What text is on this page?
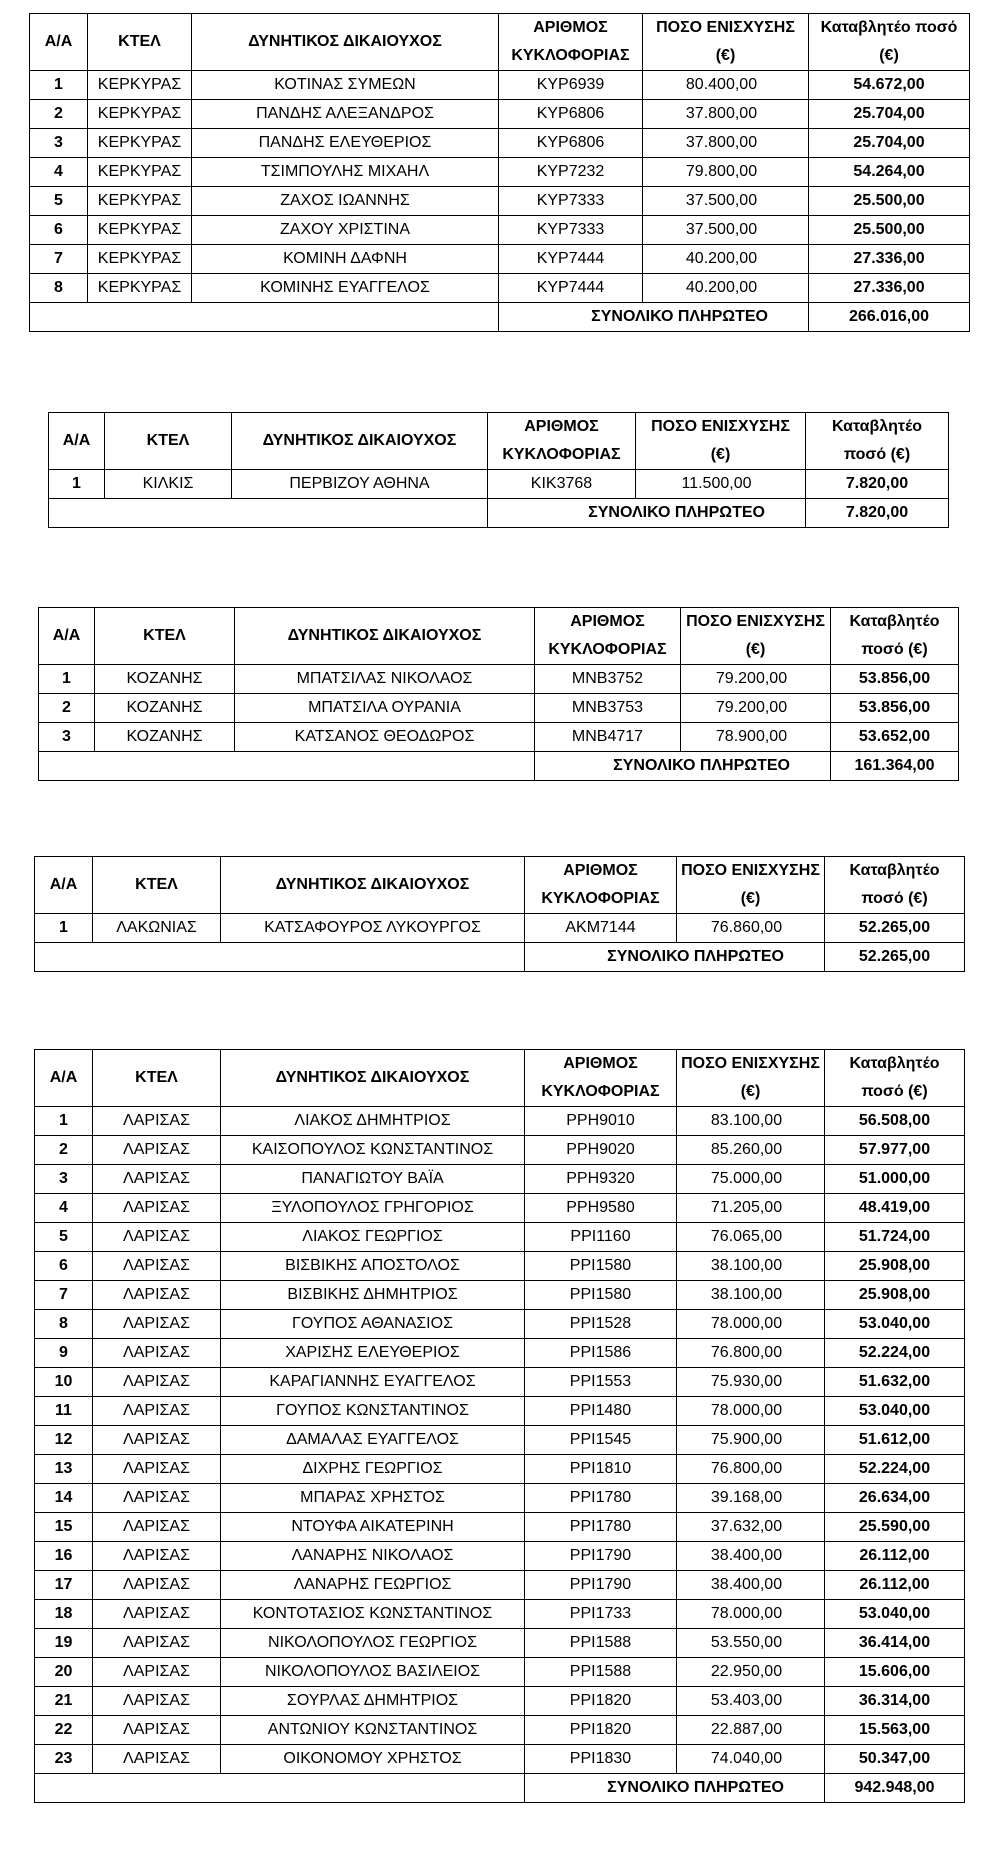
Α/Α	ΚΤΕΛ	ΔΥΝΗΤΙΚΟΣ ΔΙΚΑΙΟΥΧΟΣ	ΑΡΙΘΜΟΣ ΚΥΚΛΟΦΟΡΙΑΣ	ΠΟΣΟ ΕΝΙΣΧΥΣΗΣ (€)	Καταβλητέο ποσό (€)
1	ΚΕΡΚΥΡΑΣ	ΚΟΤΙΝΑΣ ΣΥΜΕΩΝ	ΚΥΡ6939	80.400,00	54.672,00
2	ΚΕΡΚΥΡΑΣ	ΠΑΝΔΗΣ ΑΛΕΞΑΝΔΡΟΣ	ΚΥΡ6806	37.800,00	25.704,00
3	ΚΕΡΚΥΡΑΣ	ΠΑΝΔΗΣ ΕΛΕΥΘΕΡΙΟΣ	ΚΥΡ6806	37.800,00	25.704,00
4	ΚΕΡΚΥΡΑΣ	ΤΣΙΜΠΟΥΛΗΣ ΜΙΧΑΗΛ	ΚΥΡ7232	79.800,00	54.264,00
5	ΚΕΡΚΥΡΑΣ	ΖΑΧΟΣ ΙΩΑΝΝΗΣ	ΚΥΡ7333	37.500,00	25.500,00
6	ΚΕΡΚΥΡΑΣ	ΖΑΧΟΥ ΧΡΙΣΤΙΝΑ	ΚΥΡ7333	37.500,00	25.500,00
7	ΚΕΡΚΥΡΑΣ	ΚΟΜΙΝΗ ΔΑΦΝΗ	ΚΥΡ7444	40.200,00	27.336,00
8	ΚΕΡΚΥΡΑΣ	ΚΟΜΙΝΗΣ ΕΥΑΓΓΕΛΟΣ	ΚΥΡ7444	40.200,00	27.336,00
			ΣΥΝΟΛΙΚΟ ΠΛΗΡΩΤΕΟ		266.016,00
Α/Α	ΚΤΕΛ	ΔΥΝΗΤΙΚΟΣ ΔΙΚΑΙΟΥΧΟΣ	ΑΡΙΘΜΟΣ ΚΥΚΛΟΦΟΡΙΑΣ	ΠΟΣΟ ΕΝΙΣΧΥΣΗΣ (€)	Καταβλητέο ποσό (€)
1	ΚΙΛΚΙΣ	ΠΕΡΒΙΖΟΥ ΑΘΗΝΑ	ΚΙΚ3768	11.500,00	7.820,00
			ΣΥΝΟΛΙΚΟ ΠΛΗΡΩΤΕΟ		7.820,00
Α/Α	ΚΤΕΛ	ΔΥΝΗΤΙΚΟΣ ΔΙΚΑΙΟΥΧΟΣ	ΑΡΙΘΜΟΣ ΚΥΚΛΟΦΟΡΙΑΣ	ΠΟΣΟ ΕΝΙΣΧΥΣΗΣ (€)	Καταβλητέο ποσό (€)
1	ΚΟΖΑΝΗΣ	ΜΠΑΤΣΙΛΑΣ ΝΙΚΟΛΑΟΣ	ΜΝΒ3752	79.200,00	53.856,00
2	ΚΟΖΑΝΗΣ	ΜΠΑΤΣΙΛΑ ΟΥΡΑΝΙΑ	ΜΝΒ3753	79.200,00	53.856,00
3	ΚΟΖΑΝΗΣ	ΚΑΤΣΑΝΟΣ ΘΕΟΔΩΡΟΣ	ΜΝΒ4717	78.900,00	53.652,00
			ΣΥΝΟΛΙΚΟ ΠΛΗΡΩΤΕΟ		161.364,00
Α/Α	ΚΤΕΛ	ΔΥΝΗΤΙΚΟΣ ΔΙΚΑΙΟΥΧΟΣ	ΑΡΙΘΜΟΣ ΚΥΚΛΟΦΟΡΙΑΣ	ΠΟΣΟ ΕΝΙΣΧΥΣΗΣ (€)	Καταβλητέο ποσό (€)
1	ΛΑΚΩΝΙΑΣ	ΚΑΤΣΑΦΟΥΡΟΣ ΛΥΚΟΥΡΓΟΣ	ΑΚΜ7144	76.860,00	52.265,00
			ΣΥΝΟΛΙΚΟ ΠΛΗΡΩΤΕΟ		52.265,00
Α/Α	ΚΤΕΛ	ΔΥΝΗΤΙΚΟΣ ΔΙΚΑΙΟΥΧΟΣ	ΑΡΙΘΜΟΣ ΚΥΚΛΟΦΟΡΙΑΣ	ΠΟΣΟ ΕΝΙΣΧΥΣΗΣ (€)	Καταβλητέο ποσό (€)
1	ΛΑΡΙΣΑΣ	ΛΙΑΚΟΣ ΔΗΜΗΤΡΙΟΣ	ΡΡΗ9010	83.100,00	56.508,00
2	ΛΑΡΙΣΑΣ	ΚΑΙΣΟΠΟΥΛΟΣ ΚΩΝΣΤΑΝΤΙΝΟΣ	ΡΡΗ9020	85.260,00	57.977,00
3	ΛΑΡΙΣΑΣ	ΠΑΝΑΓΙΩΤΟΥ ΒΑΪΑ	ΡΡΗ9320	75.000,00	51.000,00
4	ΛΑΡΙΣΑΣ	ΞΥΛΟΠΟΥΛΟΣ ΓΡΗΓΟΡΙΟΣ	ΡΡΗ9580	71.205,00	48.419,00
5	ΛΑΡΙΣΑΣ	ΛΙΑΚΟΣ ΓΕΩΡΓΙΟΣ	ΡΡΙ1160	76.065,00	51.724,00
6	ΛΑΡΙΣΑΣ	ΒΙΣΒΙΚΗΣ ΑΠΟΣΤΟΛΟΣ	ΡΡΙ1580	38.100,00	25.908,00
7	ΛΑΡΙΣΑΣ	ΒΙΣΒΙΚΗΣ ΔΗΜΗΤΡΙΟΣ	ΡΡΙ1580	38.100,00	25.908,00
8	ΛΑΡΙΣΑΣ	ΓΟΥΠΟΣ ΑΘΑΝΑΣΙΟΣ	ΡΡΙ1528	78.000,00	53.040,00
9	ΛΑΡΙΣΑΣ	ΧΑΡΙΣΗΣ ΕΛΕΥΘΕΡΙΟΣ	ΡΡΙ1586	76.800,00	52.224,00
10	ΛΑΡΙΣΑΣ	ΚΑΡΑΓΙΑΝΝΗΣ ΕΥΑΓΓΕΛΟΣ	ΡΡΙ1553	75.930,00	51.632,00
11	ΛΑΡΙΣΑΣ	ΓΟΥΠΟΣ ΚΩΝΣΤΑΝΤΙΝΟΣ	ΡΡΙ1480	78.000,00	53.040,00
12	ΛΑΡΙΣΑΣ	ΔΑΜΑΛΑΣ ΕΥΑΓΓΕΛΟΣ	ΡΡΙ1545	75.900,00	51.612,00
13	ΛΑΡΙΣΑΣ	ΔΙΧΡΗΣ ΓΕΩΡΓΙΟΣ	ΡΡΙ1810	76.800,00	52.224,00
14	ΛΑΡΙΣΑΣ	ΜΠΑΡΑΣ ΧΡΗΣΤΟΣ	ΡΡΙ1780	39.168,00	26.634,00
15	ΛΑΡΙΣΑΣ	ΝΤΟΥΦΑ ΑΙΚΑΤΕΡΙΝΗ	ΡΡΙ1780	37.632,00	25.590,00
16	ΛΑΡΙΣΑΣ	ΛΑΝΑΡΗΣ ΝΙΚΟΛΑΟΣ	ΡΡΙ1790	38.400,00	26.112,00
17	ΛΑΡΙΣΑΣ	ΛΑΝΑΡΗΣ ΓΕΩΡΓΙΟΣ	ΡΡΙ1790	38.400,00	26.112,00
18	ΛΑΡΙΣΑΣ	ΚΟΝΤΟΤΑΣΙΟΣ ΚΩΝΣΤΑΝΤΙΝΟΣ	ΡΡΙ1733	78.000,00	53.040,00
19	ΛΑΡΙΣΑΣ	ΝΙΚΟΛΟΠΟΥΛΟΣ ΓΕΩΡΓΙΟΣ	ΡΡΙ1588	53.550,00	36.414,00
20	ΛΑΡΙΣΑΣ	ΝΙΚΟΛΟΠΟΥΛΟΣ ΒΑΣΙΛΕΙΟΣ	ΡΡΙ1588	22.950,00	15.606,00
21	ΛΑΡΙΣΑΣ	ΣΟΥΡΛΑΣ ΔΗΜΗΤΡΙΟΣ	ΡΡΙ1820	53.403,00	36.314,00
22	ΛΑΡΙΣΑΣ	ΑΝΤΩΝΙΟΥ ΚΩΝΣΤΑΝΤΙΝΟΣ	ΡΡΙ1820	22.887,00	15.563,00
23	ΛΑΡΙΣΑΣ	ΟΙΚΟΝΟΜΟΥ ΧΡΗΣΤΟΣ	ΡΡΙ1830	74.040,00	50.347,00
			ΣΥΝΟΛΙΚΟ ΠΛΗΡΩΤΕΟ		942.948,00
